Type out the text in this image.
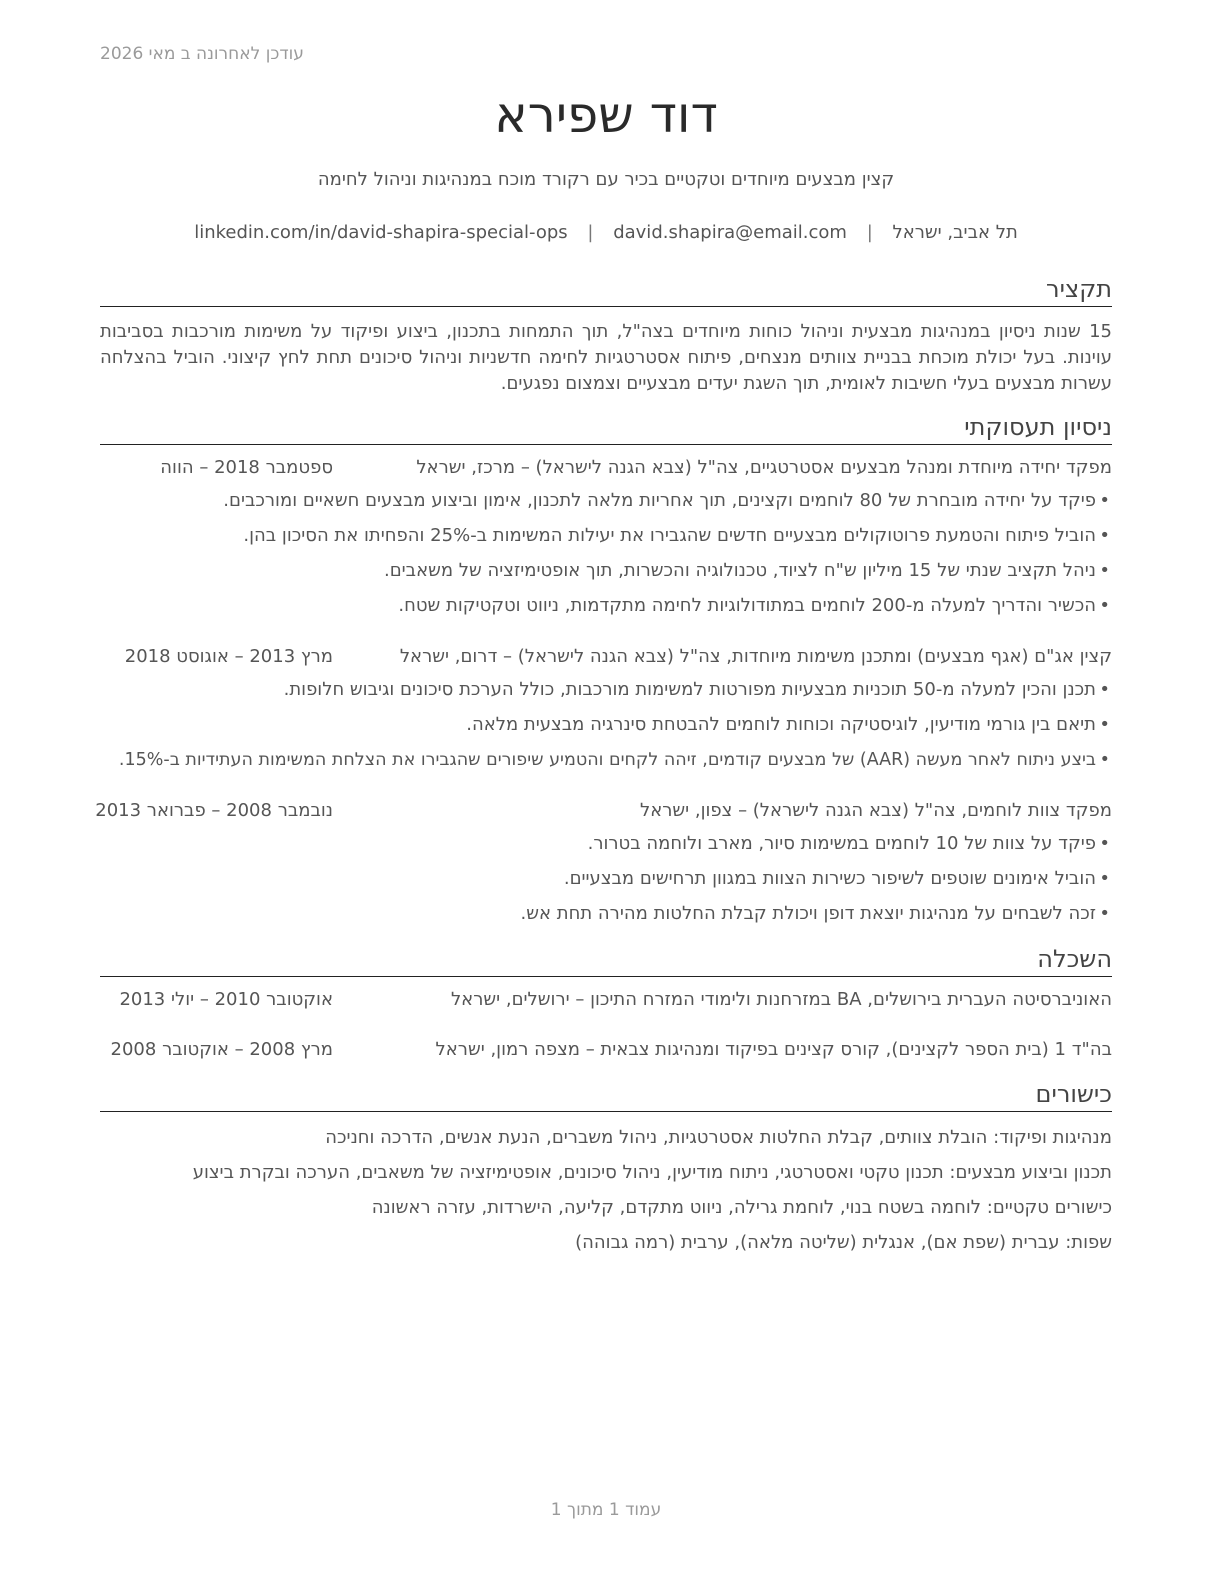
עודכן לאחרונה ב מאי 2026
דוד שפירא
קצין מבצעים מיוחדים וטקטיים בכיר עם רקורד מוכח במנהיגות וניהול לחימה
תל אביב, ישראל | david.shapira@email.com | linkedin.com/in/david-shapira-special-ops
תקציר
15 שנות ניסיון במנהיגות מבצעית וניהול כוחות מיוחדים בצה"ל, תוך התמחות בתכנון, ביצוע ופיקוד על משימות מורכבות בסביבות עוינות. בעל יכולת מוכחת בבניית צוותים מנצחים, פיתוח אסטרטגיות לחימה חדשניות וניהול סיכונים תחת לחץ קיצוני. הוביל בהצלחה עשרות מבצעים בעלי חשיבות לאומית, תוך השגת יעדים מבצעיים וצמצום נפגעים.
ניסיון תעסוקתי
מפקד יחידה מיוחדת ומנהל מבצעים אסטרטגיים, צה"ל (צבא הגנה לישראל) – מרכז, ישראל
ספטמבר 2018 – הווה
•
פיקד על יחידה מובחרת של 80 לוחמים וקצינים, תוך אחריות מלאה לתכנון, אימון וביצוע מבצעים חשאיים ומורכבים.
•
הוביל פיתוח והטמעת פרוטוקולים מבצעיים חדשים שהגבירו את יעילות המשימות ב-25% והפחיתו את הסיכון בהן.
•
ניהל תקציב שנתי של 15 מיליון ש"ח לציוד, טכנולוגיה והכשרות, תוך אופטימיזציה של משאבים.
•
הכשיר והדריך למעלה מ-200 לוחמים במתודולוגיות לחימה מתקדמות, ניווט וטקטיקות שטח.
קצין אג"ם (אגף מבצעים) ומתכנן משימות מיוחדות, צה"ל (צבא הגנה לישראל) – דרום, ישראל
מרץ 2013 – אוגוסט 2018
•
תכנן והכין למעלה מ-50 תוכניות מבצעיות מפורטות למשימות מורכבות, כולל הערכת סיכונים וגיבוש חלופות.
•
תיאם בין גורמי מודיעין, לוגיסטיקה וכוחות לוחמים להבטחת סינרגיה מבצעית מלאה.
•
ביצע ניתוח לאחר מעשה (AAR) של מבצעים קודמים, זיהה לקחים והטמיע שיפורים שהגבירו את הצלחת המשימות העתידיות ב-15%.
מפקד צוות לוחמים, צה"ל (צבא הגנה לישראל) – צפון, ישראל
נובמבר 2008 – פברואר 2013
•
פיקד על צוות של 10 לוחמים במשימות סיור, מארב ולוחמה בטרור.
•
הוביל אימונים שוטפים לשיפור כשירות הצוות במגוון תרחישים מבצעיים.
•
זכה לשבחים על מנהיגות יוצאת דופן ויכולת קבלת החלטות מהירה תחת אש.
השכלה
האוניברסיטה העברית בירושלים, BA במזרחנות ולימודי המזרח התיכון – ירושלים, ישראל
אוקטובר 2010 – יולי 2013
בה"ד 1 (בית הספר לקצינים), קורס קצינים בפיקוד ומנהיגות צבאית – מצפה רמון, ישראל
מרץ 2008 – אוקטובר 2008
כישורים

מנהיגות ופיקוד: הובלת צוותים, קבלת החלטות אסטרטגיות, ניהול משברים, הנעת אנשים, הדרכה וחניכה

תכנון וביצוע מבצעים: תכנון טקטי ואסטרטגי, ניתוח מודיעין, ניהול סיכונים, אופטימיזציה של משאבים, הערכה ובקרת ביצוע

כישורים טקטיים: לוחמה בשטח בנוי, לוחמת גרילה, ניווט מתקדם, קליעה, הישרדות, עזרה ראשונה

שפות: עברית (שפת אם), אנגלית (שליטה מלאה), ערבית (רמה גבוהה)

עמוד 1 מתוך 1
